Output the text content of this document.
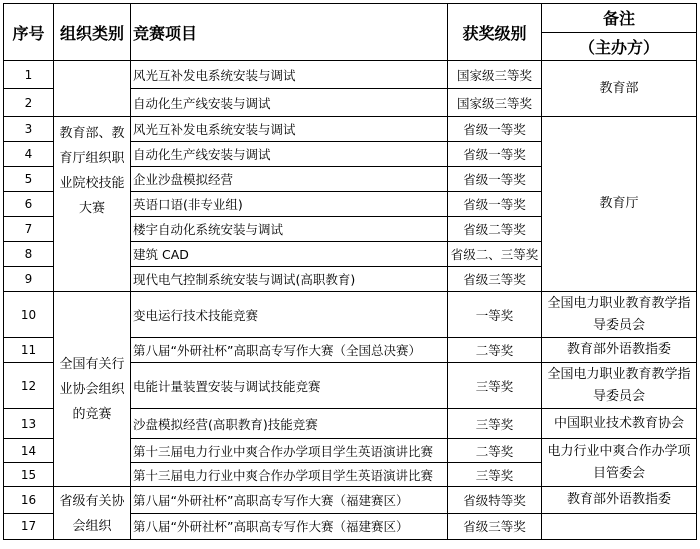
序号	组织类别	竞赛项目	获奖级别	备注
（主办方）

1		风光互补发电系统安装与调试	国家级三等奖	教育部
2		自动化生产线安装与调试	国家级三等奖	
3	教育部、教育厅组织职业院校技能大赛	风光互补发电系统安装与调试	省级一等奖	教育厅
4		自动化生产线安装与调试	省级一等奖	
5		企业沙盘模拟经营	省级一等奖	
6		英语口语(非专业组)	省级一等奖	
7		楼宇自动化系统安装与调试	省级二等奖	
8		建筑 CAD	省级二、三等奖	
9		现代电气控制系统安装与调试(高职教育)	省级三等奖	
10	全国有关行业协会组织的竞赛	变电运行技术技能竞赛	一等奖	全国电力职业教育教学指导委员会
11		第八届“外研社杯”高职高专写作大赛（全国总决赛）	二等奖	教育部外语教指委
12		电能计量装置安装与调试技能竞赛	三等奖	全国电力职业教育教学指导委员会
13		沙盘模拟经营(高职教育)技能竞赛	三等奖	中国职业技术教育协会
14		第十三届电力行业中爽合作办学项目学生英语演讲比赛	二等奖	电力行业中爽合作办学项目管委会
15		第十三届电力行业中爽合作办学项目学生英语演讲比赛	三等奖	
16	省级有关协会组织	第八届“外研社杯”高职高专写作大赛（福建赛区）	省级特等奖	教育部外语教指委
17		第八届“外研社杯”高职高专写作大赛（福建赛区）	省级三等奖	
